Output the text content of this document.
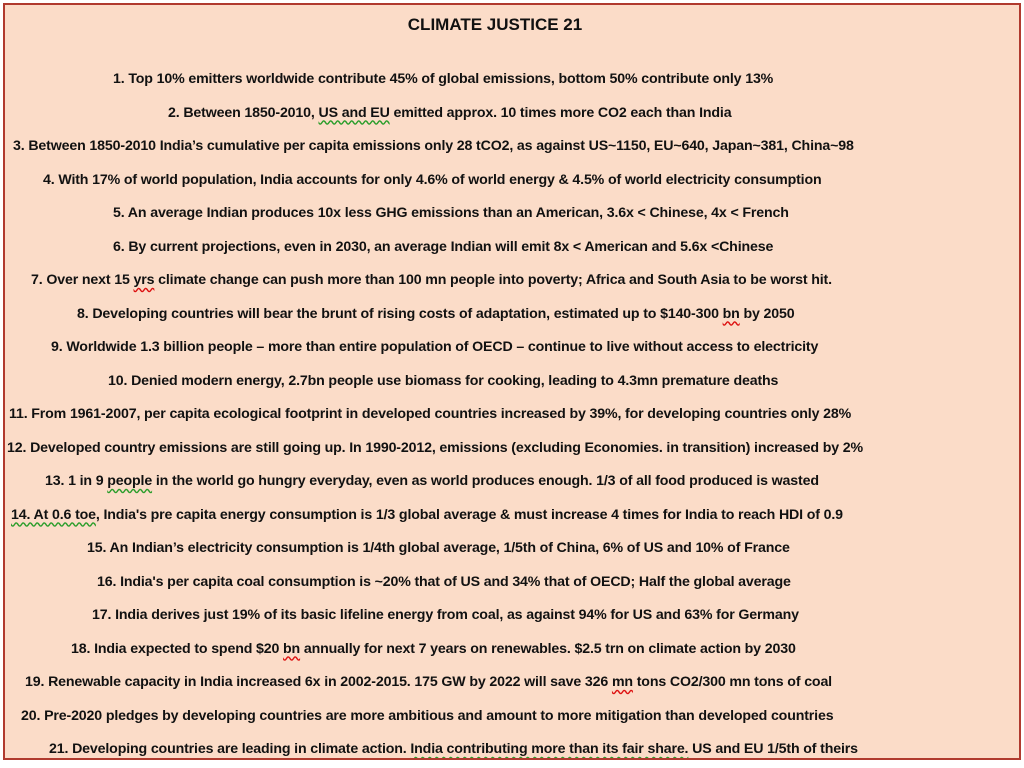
CLIMATE JUSTICE 21
1. Top 10% emitters worldwide contribute 45% of global emissions, bottom 50% contribute only 13%
2. Between 1850-2010, US and EU emitted approx. 10 times more CO2 each than India
3. Between 1850-2010 India’s cumulative per capita emissions only 28 tCO2, as against US~1150, EU~640, Japan~381, China~98
4. With 17% of world population, India accounts for only 4.6% of world energy & 4.5% of world electricity consumption
5. An average Indian produces 10x less GHG emissions than an American, 3.6x < Chinese, 4x < French
6. By current projections, even in 2030, an average Indian will emit 8x < American and 5.6x <Chinese
7. Over next 15 yrs climate change can push more than 100 mn people into poverty; Africa and South Asia to be worst hit.
8. Developing countries will bear the brunt of rising costs of adaptation, estimated up to $140-300 bn by 2050
9. Worldwide 1.3 billion people – more than entire population of OECD – continue to live without access to electricity
10. Denied modern energy, 2.7bn people use biomass for cooking, leading to 4.3mn premature deaths
11. From 1961-2007, per capita ecological footprint in developed countries increased by 39%, for developing countries only 28%
12. Developed country emissions are still going up. In 1990-2012, emissions (excluding Economies. in transition) increased by 2%
13. 1 in 9 people in the world go hungry everyday, even as world produces enough. 1/3 of all food produced is wasted
14. At 0.6 toe, India's pre capita energy consumption is 1/3 global average & must increase 4 times for India to reach HDI of 0.9
15. An Indian’s electricity consumption is 1/4th global average, 1/5th of China, 6% of US and 10% of France
16. India's per capita coal consumption is ~20% that of US and 34% that of OECD; Half the global average
17. India derives just 19% of its basic lifeline energy from coal, as against 94% for US and 63% for Germany
18. India expected to spend $20 bn annually for next 7 years on renewables. $2.5 trn on climate action by 2030
19. Renewable capacity in India increased 6x in 2002-2015. 175 GW by 2022 will save 326 mn tons CO2/300 mn tons of coal
20. Pre-2020 pledges by developing countries are more ambitious and amount to more mitigation than developed countries
21. Developing countries are leading in climate action. India contributing more than its fair share. US and EU 1/5th of theirs
